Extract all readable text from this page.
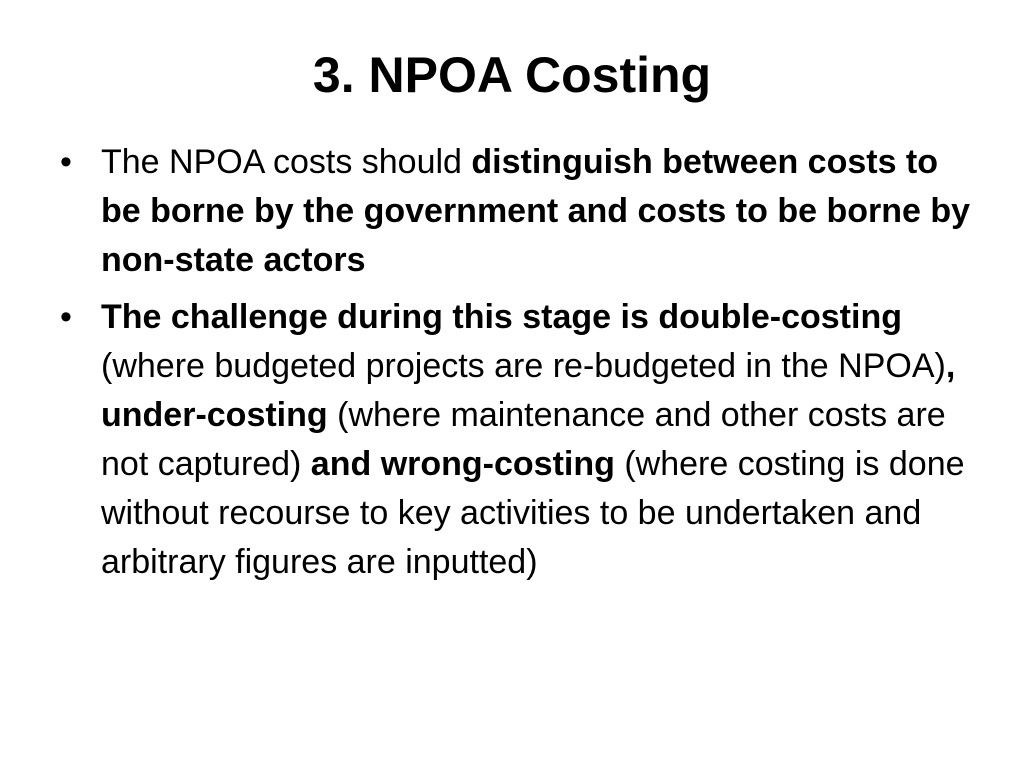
3. NPOA Costing
• The NPOA costs should distinguish between costs to be borne by the government and costs to be borne by non-state actors
• The challenge during this stage is double-costing (where budgeted projects are re-budgeted in the NPOA), under-costing (where maintenance and other costs are not captured) and wrong-costing (where costing is done without recourse to key activities to be undertaken and arbitrary figures are inputted)
